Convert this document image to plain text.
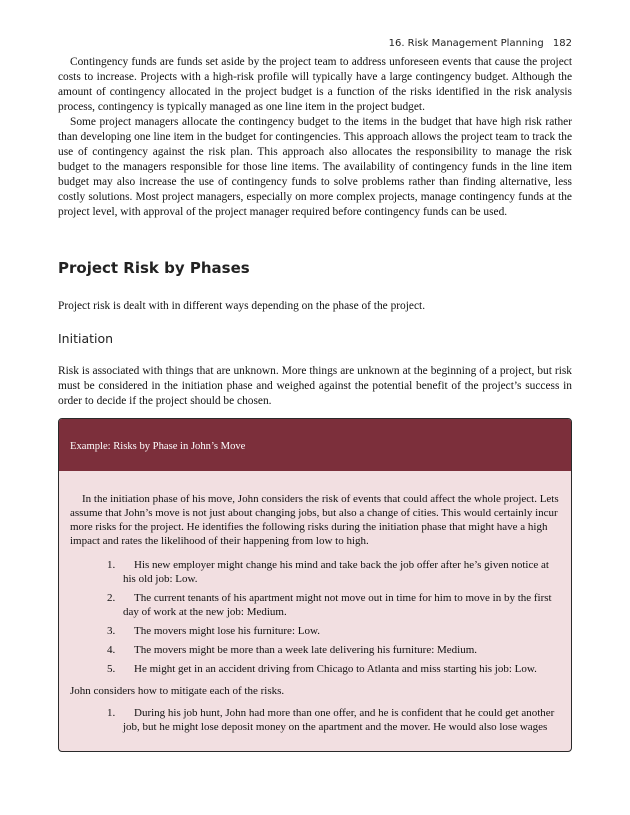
16. Risk Management Planning 182

Contingency funds are funds set aside by the project team to address unforeseen events that cause the project costs to increase. Projects with a high-risk profile will typically have a large contingency budget. Although the amount of contingency allocated in the project budget is a function of the risks identified in the risk analysis process, contingency is typically managed as one line item in the project budget.

Some project managers allocate the contingency budget to the items in the budget that have high risk rather than developing one line item in the budget for contingencies. This approach allows the project team to track the use of contingency against the risk plan. This approach also allocates the responsibility to manage the risk budget to the managers responsible for those line items. The availability of contingency funds in the line item budget may also increase the use of contingency funds to solve problems rather than finding alternative, less costly solutions. Most project managers, especially on more complex projects, manage contingency funds at the project level, with approval of the project manager required before contingency funds can be used.

Project Risk by Phases
Project risk is dealt with in different ways depending on the phase of the project.
Initiation
Risk is associated with things that are unknown. More things are unknown at the beginning of a project, but risk must be considered in the initiation phase and weighed against the potential benefit of the project’s success in order to decide if the project should be chosen.
Example: Risks by Phase in John’s Move

In the initiation phase of his move, John considers the risk of events that could affect the whole project. Lets assume that John’s move is not just about changing jobs, but also a change of cities. This would certainly incur more risks for the project. He identifies the following risks during the initiation phase that might have a high impact and rates the likelihood of their happening from low to high.

1. His new employer might change his mind and take back the job offer after he’s given notice at his old job: Low.
2. The current tenants of his apartment might not move out in time for him to move in by the first day of work at the new job: Medium.
3. The movers might lose his furniture: Low.
4. The movers might be more than a week late delivering his furniture: Medium.
5. He might get in an accident driving from Chicago to Atlanta and miss starting his job: Low.

John considers how to mitigate each of the risks.

1. During his job hunt, John had more than one offer, and he is confident that he could get another job, but he might lose deposit money on the apartment and the mover. He would also lose wages
